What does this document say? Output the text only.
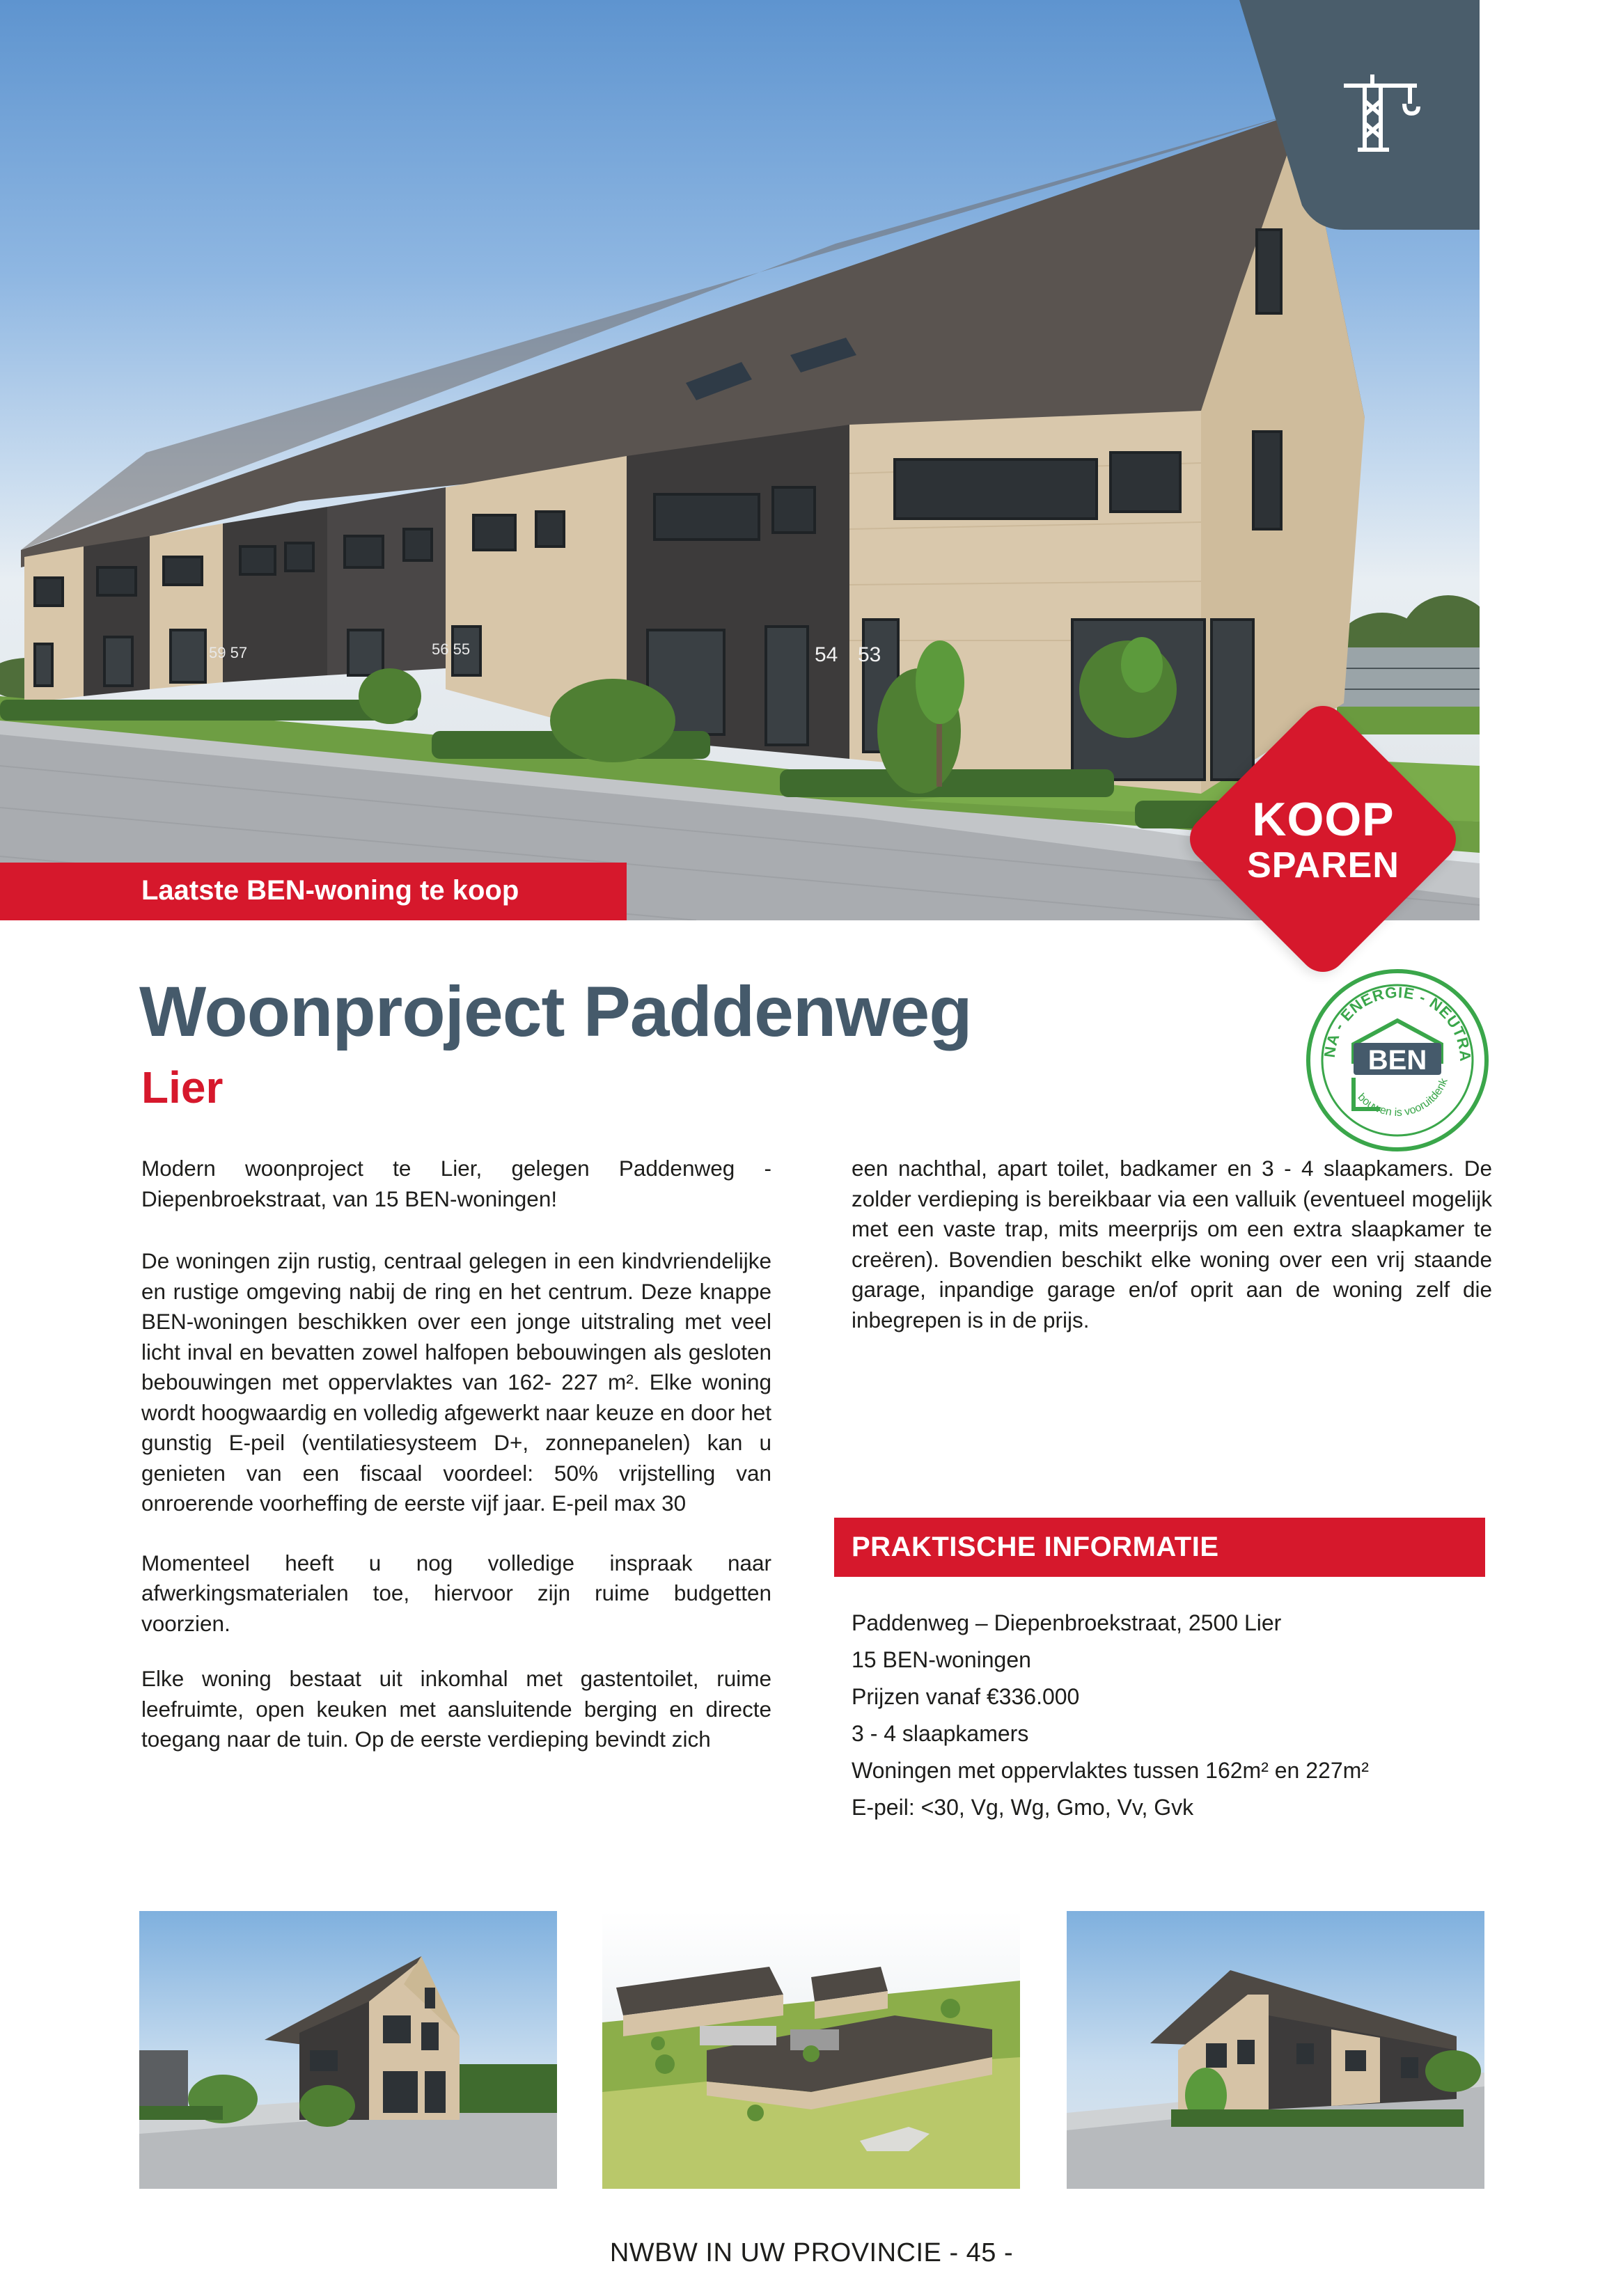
59 57	56 55	54 53
Laatste BEN-woning te koop
KOOP
SPAREN
Woonproject Paddenweg
Lier
NA - ENERGIE - NEUTRA
BEN
bouwen is vooruitdenk

Modern woonproject te Lier, gelegen Paddenweg - Diepenbroekstraat, van 15 BEN-woningen!

De woningen zijn rustig, centraal gelegen in een kindvriendelijke en rustige omgeving nabij de ring en het centrum. Deze knappe BEN-woningen beschikken over een jonge uitstraling met veel licht inval en bevatten zowel halfopen bebouwingen als gesloten bebouwingen met oppervlaktes van 162- 227 m². Elke woning wordt hoogwaardig en volledig afgewerkt naar keuze en door het gunstig E-peil (ventilatiesysteem D+, zonnepanelen) kan u genieten van een fiscaal voordeel: 50% vrijstelling van onroerende voorheffing de eerste vijf jaar. E-peil max 30

Momenteel heeft u nog volledige inspraak naar afwerkingsmaterialen toe, hiervoor zijn ruime budgetten voorzien.

Elke woning bestaat uit inkomhal met gastentoilet, ruime leefruimte, open keuken met aansluitende berging en directe toegang naar de tuin. Op de eerste verdieping bevindt zich

een nachthal, apart toilet, badkamer en 3 - 4 slaapkamers. De zolder verdieping is bereikbaar via een valluik (eventueel mogelijk met een vaste trap, mits meerprijs om een extra slaapkamer te creëren). Bovendien beschikt elke woning over een vrij staande garage, inpandige garage en/of oprit aan de woning zelf die inbegrepen is in de prijs.

PRAKTISCHE INFORMATIE
Paddenweg – Diepenbroekstraat, 2500 Lier
15 BEN-woningen
Prijzen vanaf €336.000
3 - 4 slaapkamers
Woningen met oppervlaktes tussen 162m² en 227m²
E-peil: <30, Vg, Wg, Gmo, Vv, Gvk
NWBW IN UW PROVINCIE - 45 -
